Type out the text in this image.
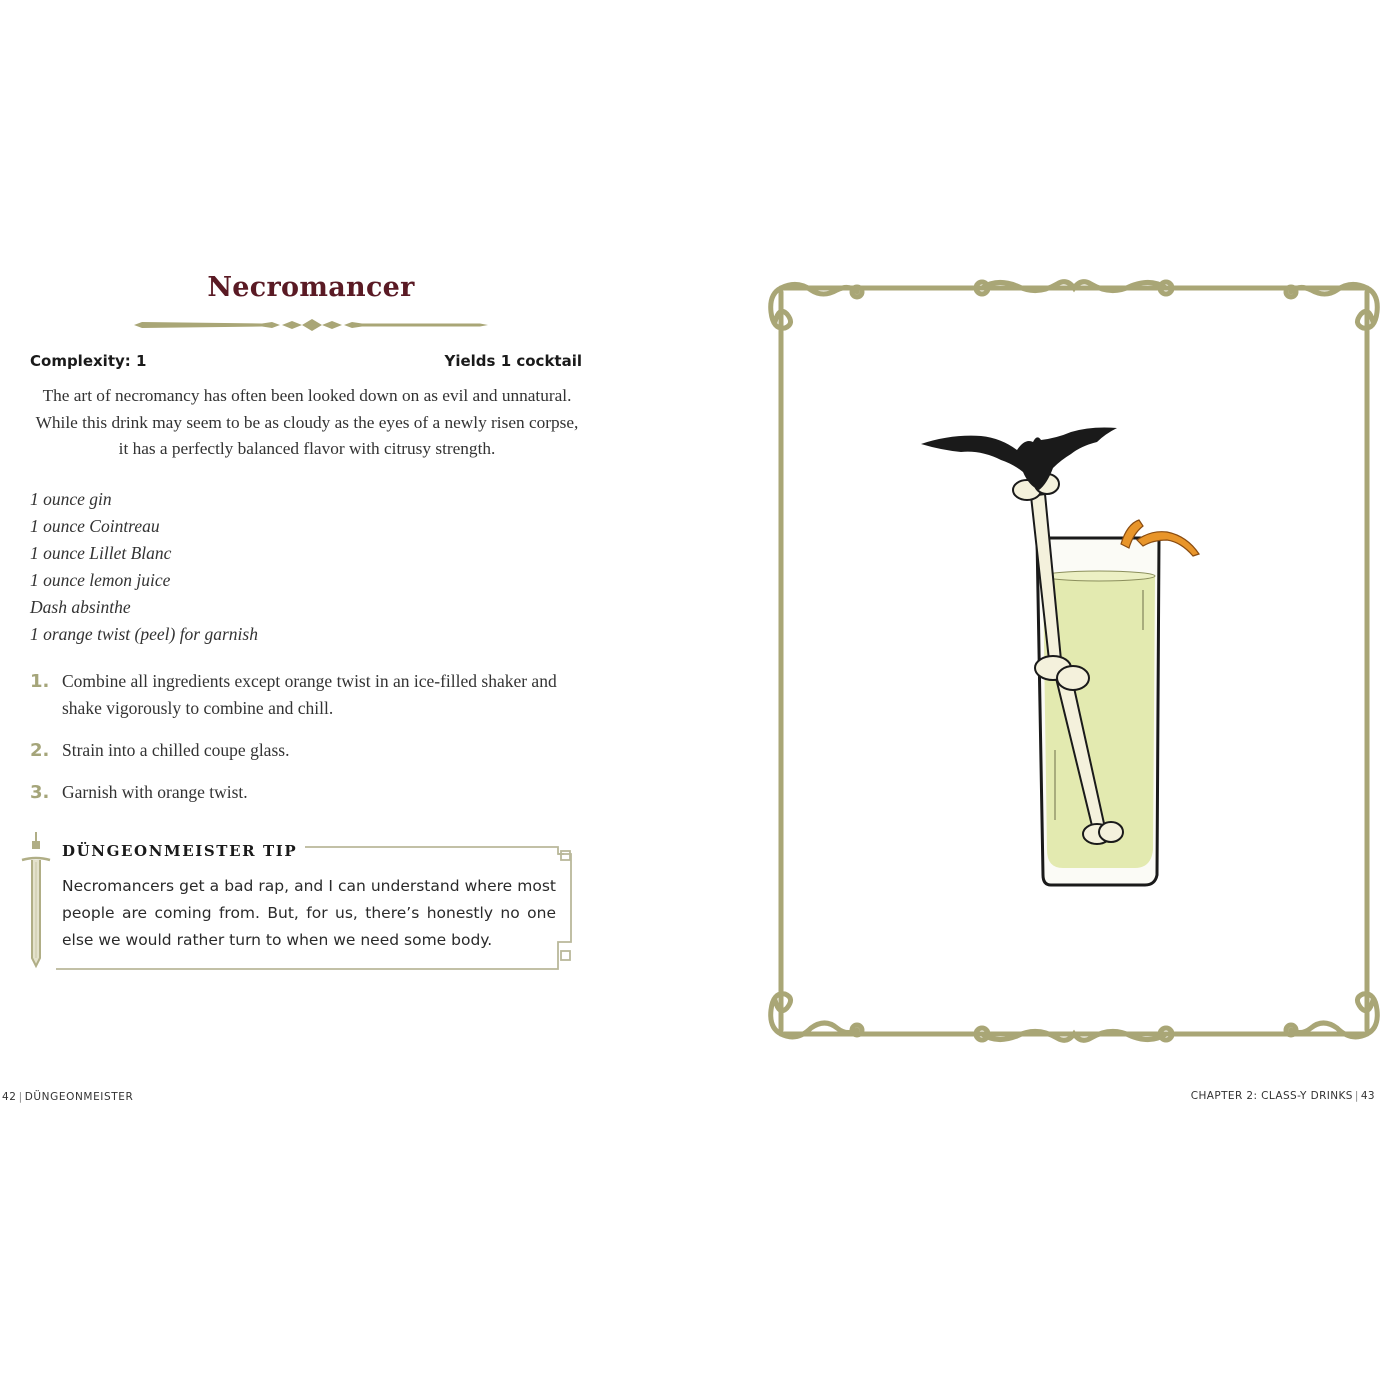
Necromancer
Complexity: 1	Yields 1 cocktail
The art of necromancy has often been looked down on as evil and unnatural. While this drink may seem to be as cloudy as the eyes of a newly risen corpse, it has a perfectly balanced flavor with citrusy strength.
1 ounce gin
1 ounce Cointreau
1 ounce Lillet Blanc
1 ounce lemon juice
Dash absinthe
1 orange twist (peel) for garnish
1. Combine all ingredients except orange twist in an ice-filled shaker and shake vigorously to combine and chill.
2. Strain into a chilled coupe glass.
3. Garnish with orange twist.
DÜNGEONMEISTER TIP
Necromancers get a bad rap, and I can understand where most people are coming from. But, for us, there’s honestly no one else we would rather turn to when we need some body.
42 | DÜNGEONMEISTER	CHAPTER 2: CLASS-Y DRINKS | 43
